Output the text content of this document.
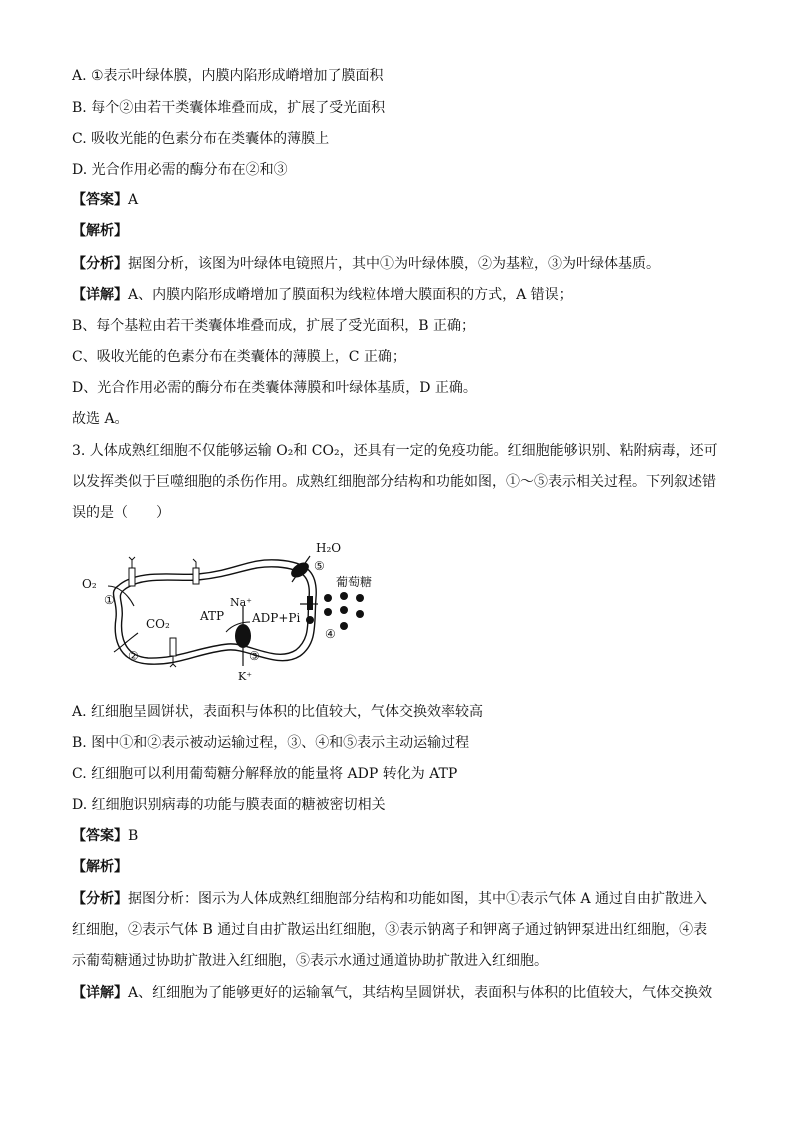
A. ①表示叶绿体膜，内膜内陷形成嵴增加了膜面积
B. 每个②由若干类囊体堆叠而成，扩展了受光面积
C. 吸收光能的色素分布在类囊体的薄膜上
D. 光合作用必需的酶分布在②和③
【答案】A
【解析】
【分析】据图分析，该图为叶绿体电镜照片，其中①为叶绿体膜，②为基粒，③为叶绿体基质。
【详解】A、内膜内陷形成嵴增加了膜面积为线粒体增大膜面积的方式，A 错误；
B、每个基粒由若干类囊体堆叠而成，扩展了受光面积，B 正确；
C、吸收光能的色素分布在类囊体的薄膜上，C 正确；
D、光合作用必需的酶分布在类囊体薄膜和叶绿体基质，D 正确。
故选 A。
3. 人体成熟红细胞不仅能够运输 O₂和 CO₂，还具有一定的免疫功能。红细胞能够识别、粘附病毒，还可
以发挥类似于巨噬细胞的杀伤作用。成熟红细胞部分结构和功能如图，①～⑤表示相关过程。下列叙述错
误的是（　　）
H₂O
⑤
葡萄糖
④
O₂
①
CO₂
②
ATP
Na⁺
ADP+Pi
③
K⁺
A. 红细胞呈圆饼状，表面积与体积的比值较大，气体交换效率较高
B. 图中①和②表示被动运输过程，③、④和⑤表示主动运输过程
C. 红细胞可以利用葡萄糖分解释放的能量将 ADP 转化为 ATP
D. 红细胞识别病毒的功能与膜表面的糖被密切相关
【答案】B
【解析】
【分析】据图分析：图示为人体成熟红细胞部分结构和功能如图，其中①表示气体 A 通过自由扩散进入
红细胞，②表示气体 B 通过自由扩散运出红细胞，③表示钠离子和钾离子通过钠钾泵进出红细胞，④表
示葡萄糖通过协助扩散进入红细胞，⑤表示水通过通道协助扩散进入红细胞。
【详解】A、红细胞为了能够更好的运输氧气，其结构呈圆饼状，表面积与体积的比值较大，气体交换效
